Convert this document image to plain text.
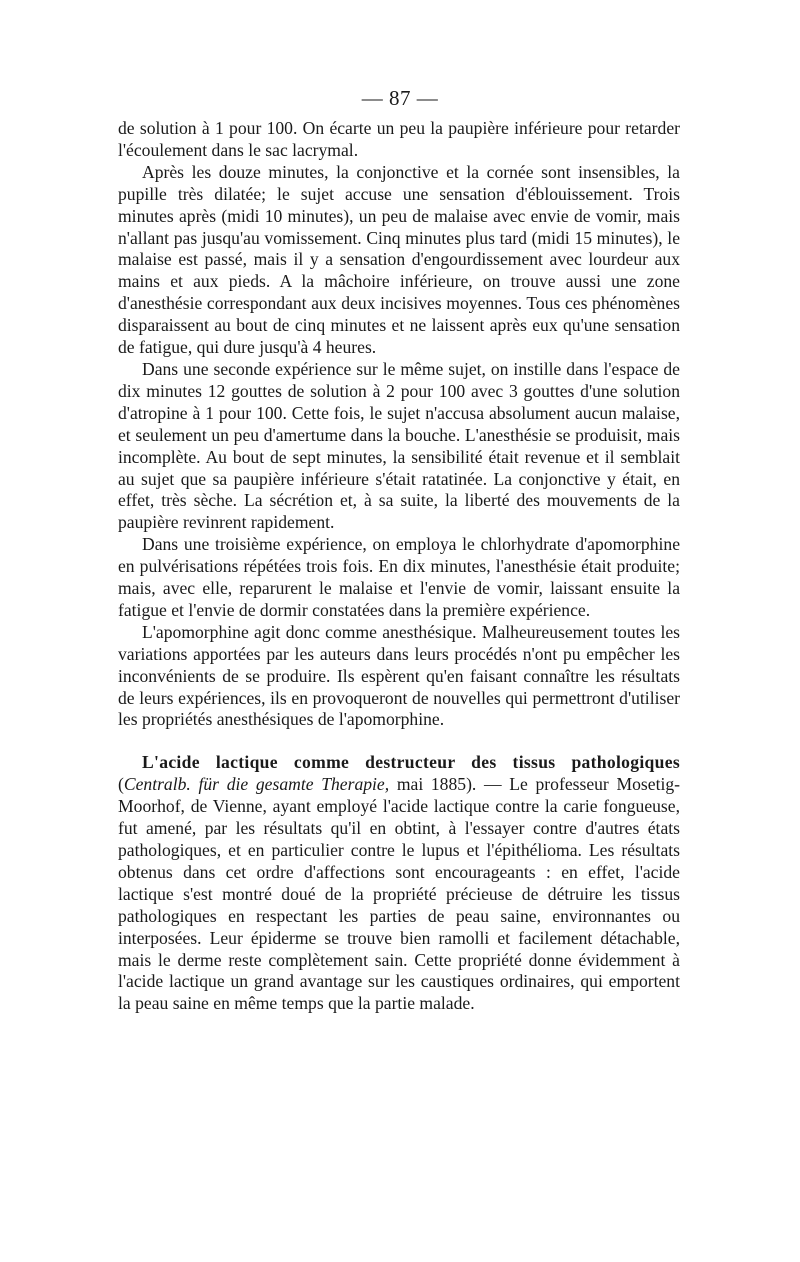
— 87 —

de solution à 1 pour 100. On écarte un peu la paupière inférieure pour retarder l'écoulement dans le sac lacrymal.

Après les douze minutes, la conjonctive et la cornée sont insensibles, la pupille très dilatée; le sujet accuse une sensation d'éblouissement. Trois minutes après (midi 10 minutes), un peu de malaise avec envie de vomir, mais n'allant pas jusqu'au vomissement. Cinq minutes plus tard (midi 15 minutes), le malaise est passé, mais il y a sensation d'engourdissement avec lourdeur aux mains et aux pieds. A la mâchoire inférieure, on trouve aussi une zone d'anesthésie correspondant aux deux incisives moyennes. Tous ces phénomènes disparaissent au bout de cinq minutes et ne laissent après eux qu'une sensation de fatigue, qui dure jusqu'à 4 heures.

Dans une seconde expérience sur le même sujet, on instille dans l'espace de dix minutes 12 gouttes de solution à 2 pour 100 avec 3 gouttes d'une solution d'atropine à 1 pour 100. Cette fois, le sujet n'accusa absolument aucun malaise, et seulement un peu d'amertume dans la bouche. L'anesthésie se produisit, mais incomplète. Au bout de sept minutes, la sensibilité était revenue et il semblait au sujet que sa paupière inférieure s'était ratatinée. La conjonctive y était, en effet, très sèche. La sécrétion et, à sa suite, la liberté des mouvements de la paupière revinrent rapidement.

Dans une troisième expérience, on employa le chlorhydrate d'apomorphine en pulvérisations répétées trois fois. En dix minutes, l'anesthésie était produite; mais, avec elle, reparurent le malaise et l'envie de vomir, laissant ensuite la fatigue et l'envie de dormir constatées dans la première expérience.

L'apomorphine agit donc comme anesthésique. Malheureusement toutes les variations apportées par les auteurs dans leurs procédés n'ont pu empêcher les inconvénients de se produire. Ils espèrent qu'en faisant connaître les résultats de leurs expériences, ils en provoqueront de nouvelles qui permettront d'utiliser les propriétés anesthésiques de l'apomorphine.

L'acide lactique comme destructeur des tissus pathologiques (Centralb. für die gesamte Therapie, mai 1885). — Le professeur Mosetig-Moorhof, de Vienne, ayant employé l'acide lactique contre la carie fongueuse, fut amené, par les résultats qu'il en obtint, à l'essayer contre d'autres états pathologiques, et en particulier contre le lupus et l'épithélioma. Les résultats obtenus dans cet ordre d'affections sont encourageants : en effet, l'acide lactique s'est montré doué de la propriété précieuse de détruire les tissus pathologiques en respectant les parties de peau saine, environnantes ou interposées. Leur épiderme se trouve bien ramolli et facilement détachable, mais le derme reste complètement sain. Cette propriété donne évidemment à l'acide lactique un grand avantage sur les caustiques ordinaires, qui emportent la peau saine en même temps que la partie malade.
